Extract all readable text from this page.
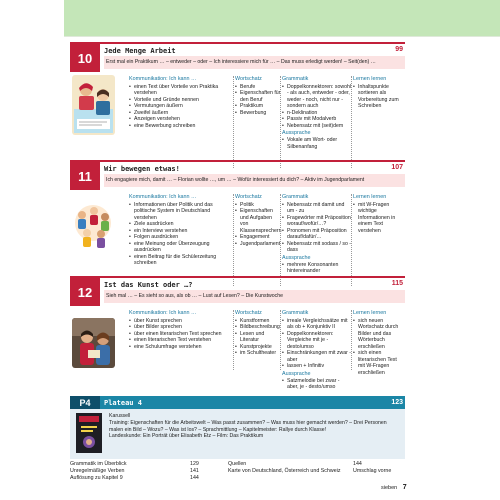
10	Jede Menge Arbeit	99
Erst mal ein Praktikum … – entweder – oder – Ich interessiere mich für … – Das muss erledigt werden! – Seit(den) …
Kommunikation: Ich kann …
• einen Text über Vorteile von Praktika verstehen
• Vorteile und Gründe nennen
• Vermutungen äußern
• Zweifel äußern
• Anzeigen verstehen
• eine Bewerbung schreiben
Wortschatz
• Berufe
• Eigenschaften für den Beruf
• Praktikum
• Bewerbung
Grammatik
• Doppelkonnektoren: sowohl - als auch, entweder - oder, weder - noch, nicht nur - sondern auch
• n-Deklination
• Passiv mit Modalverb
• Nebensatz mit (seit)dem
Aussprache
• Vokale am Wort- oder Silbenanfang
Lernen lernen
• Inhaltspunkte sortieren als Vorbereitung zum Schreiben
11	Wir bewegen etwas!	107
Ich engagiere mich, damit … – Florian wollte …, um … – Wofür interessiert du dich? – Aktiv im Jugendparlament
Kommunikation: Ich kann …
• Informationen über Politik und das politische System in Deutschland verstehen
• Ziele ausdrücken
• ein Interview verstehen
• Folgen ausdrücken
• eine Meinung oder Überzeugung ausdrücken
• einen Beitrag für die Schülerzeitung schreiben
Wortschatz
• Politik
• Eigenschaften und Aufgaben von Klassensprechern
• Engagement
• Jugendparlament
Grammatik
• Nebensatz mit damit und um - zu
• Fragewörter mit Präposition worauf/wofür/…?
• Pronomen mit Präposition darauf/dafür/…
• Nebensatz mit sodass / so - dass
Aussprache
• mehrere Konsonanten hintereinander
Lernen lernen
• mit W-Fragen wichtige Informationen in einem Text verstehen
12	Ist das Kunst oder …?	115
Sieh mal … – Es sieht so aus, als ob … – Lust auf Lesen? – Die Kunstwoche
Kommunikation: Ich kann …
• über Kunst sprechen
• über Bilder sprechen
• über einen literarischen Text sprechen
• einen literarischen Text verstehen
• eine Schulumfrage verstehen
Wortschatz
• Kunstformen
• Bildbeschreibung
• Lesen und Literatur
• Kunstprojekte
• im Schultheater
Grammatik
• irreale Vergleichssätze mit als ob + Konjunktiv II
• Doppelkonnektoren: Vergleiche mit je - desto/umso
• Einschränkungen mit zwar - aber
• lassen + Infinitiv
Aussprache
• Satzmelodie bei zwar - aber, je - desto/umso
Lernen lernen
• sich neuen Wortschatz durch Bilder und das Wörterbuch erschließen
• sich einen literarischen Text mit W-Fragen erschließen
P4	Plateau 4	123
Karussell
Training: Eigenschaften für die Arbeitswelt – Was passt zusammen? – Was muss hier gemacht werden? – Drei Personen malen ein Bild – Wozu? – Was ist los? – Sprachmittlung – Kapitelmeister: Rallye durch Klasse!
Landeskunde: Ein Porträt über Elisabeth Etz – Film: Das Praktikum
Grammatik im Überblick	129	Quellen	144
Unregelmäßige Verben	141	Karte von Deutschland, Österreich und Schweiz Umschlag vorne
Auflösung zu Kapitel 9	144
sieben 7
